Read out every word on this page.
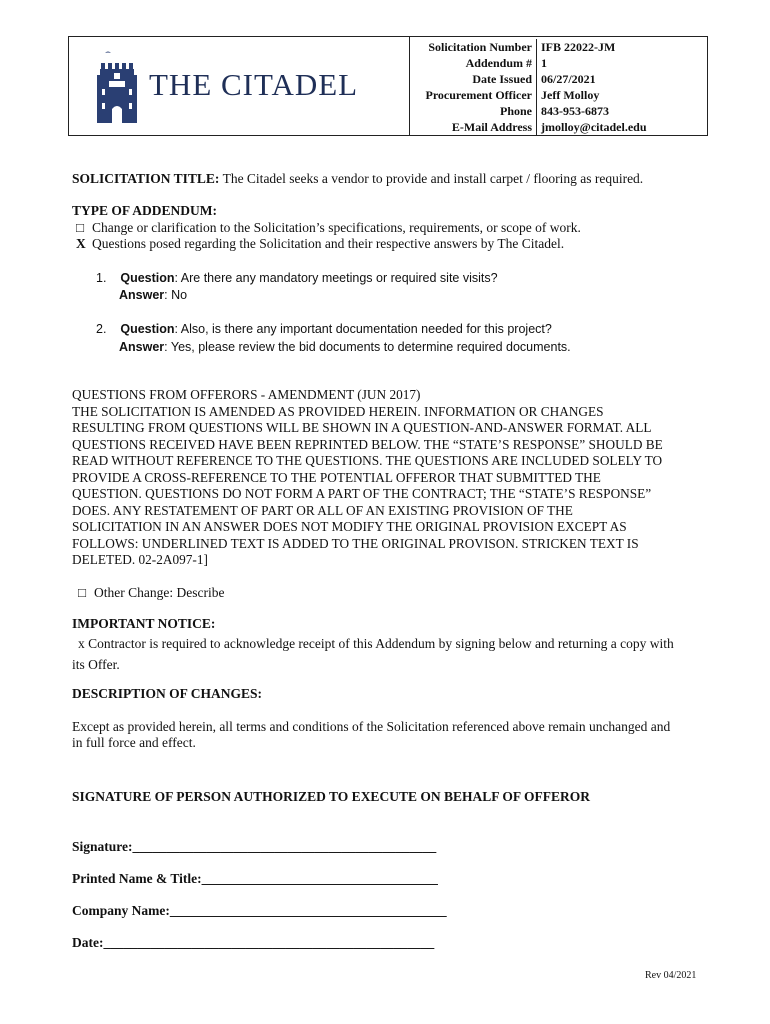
THE CITADEL
Solicitation Number IFB 22022-JM
Addendum # 1
Date Issued 06/27/2021
Procurement Officer Jeff Molloy
Phone 843-953-6873
E-Mail Address jmolloy@citadel.edu
SOLICITATION TITLE: The Citadel seeks a vendor to provide and install carpet / flooring as required.
TYPE OF ADDENDUM:
□ Change or clarification to the Solicitation’s specifications, requirements, or scope of work.
X Questions posed regarding the Solicitation and their respective answers by The Citadel.
1. Question: Are there any mandatory meetings or required site visits?
Answer: No
2. Question: Also, is there any important documentation needed for this project?
Answer: Yes, please review the bid documents to determine required documents.

QUESTIONS FROM OFFERORS - AMENDMENT (JUN 2017)

THE SOLICITATION IS AMENDED AS PROVIDED HEREIN. INFORMATION OR CHANGES

RESULTING FROM QUESTIONS WILL BE SHOWN IN A QUESTION-AND-ANSWER FORMAT. ALL

QUESTIONS RECEIVED HAVE BEEN REPRINTED BELOW. THE “STATE’S RESPONSE” SHOULD BE

READ WITHOUT REFERENCE TO THE QUESTIONS. THE QUESTIONS ARE INCLUDED SOLELY TO

PROVIDE A CROSS-REFERENCE TO THE POTENTIAL OFFEROR THAT SUBMITTED THE

QUESTION. QUESTIONS DO NOT FORM A PART OF THE CONTRACT; THE “STATE’S RESPONSE”

DOES. ANY RESTATEMENT OF PART OR ALL OF AN EXISTING PROVISION OF THE

SOLICITATION IN AN ANSWER DOES NOT MODIFY THE ORIGINAL PROVISION EXCEPT AS

FOLLOWS: UNDERLINED TEXT IS ADDED TO THE ORIGINAL PROVISON. STRICKEN TEXT IS

DELETED. 02-2A097-1]

□ Other Change: Describe
IMPORTANT NOTICE:
x Contractor is required to acknowledge receipt of this Addendum by signing below and returning a copy with
its Offer.
DESCRIPTION OF CHANGES:
Except as provided herein, all terms and conditions of the Solicitation referenced above remain unchanged and
in full force and effect.
SIGNATURE OF PERSON AUTHORIZED TO EXECUTE ON BEHALF OF OFFEROR
Signature:_____________________________________________
Printed Name & Title:___________________________________
Company Name:_________________________________________
Date:_________________________________________________
Rev 04/2021
